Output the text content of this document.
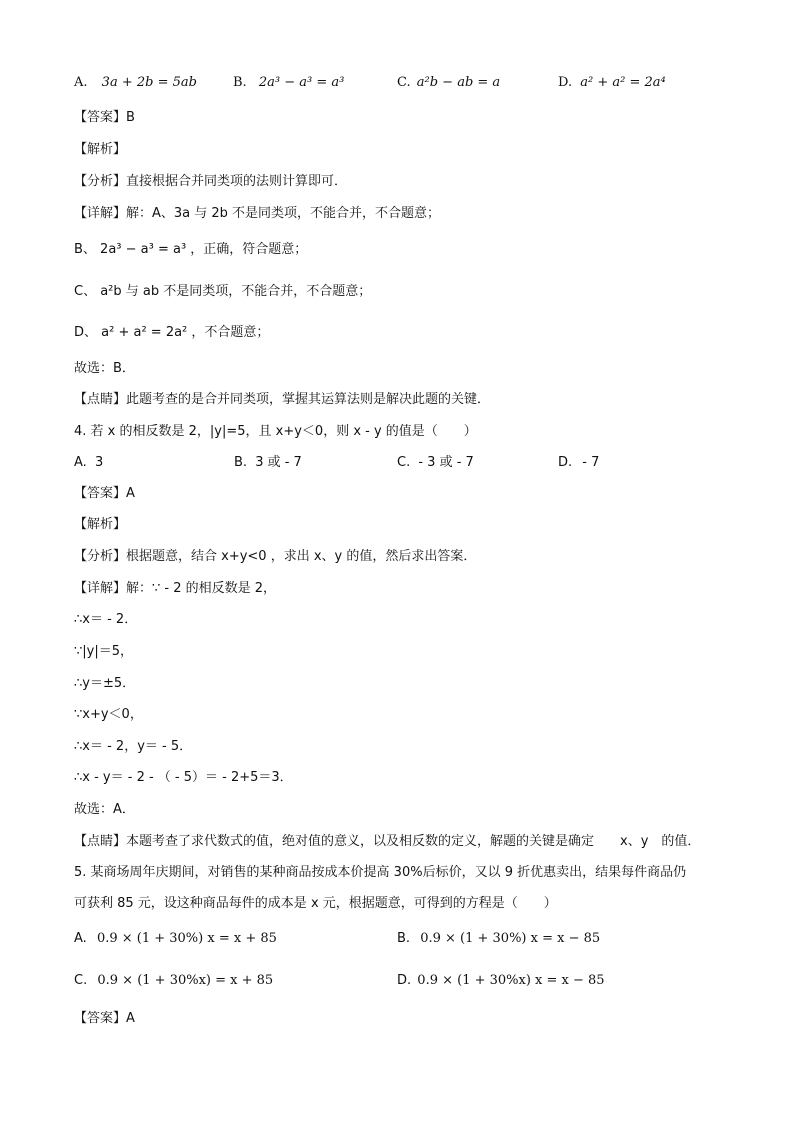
A. 3a + 2b = 5ab	B. 2a³ − a³ = a³	C. a²b − ab = a	D. a² + a² = 2a⁴
【答案】B
【解析】
【分析】直接根据合并同类项的法则计算即可．
【详解】解：A、3a 与 2b 不是同类项，不能合并，不合题意；
B、 2a³ − a³ = a³ ，正确，符合题意；
C、 a²b 与 ab 不是同类项，不能合并，不合题意；
D、 a² + a² = 2a² ，不合题意；
故选：B．
【点睛】此题考查的是合并同类项，掌握其运算法则是解决此题的关键．
4. 若 x 的相反数是 2，|y|=5，且 x+y＜0，则 x - y 的值是（　　）
A. 3	B. 3 或 - 7	C. - 3 或 - 7	D. - 7
【答案】A
【解析】
【分析】根据题意，结合 x+y<0 ，求出 x、y 的值，然后求出答案．
【详解】解：∵ - 2 的相反数是 2，
∴x＝ - 2．
∵|y|＝5，
∴y＝±5．
∵x+y＜0，
∴x＝ - 2，y＝ - 5．
∴x - y＝ - 2 - （ - 5）＝ - 2+5＝3．
故选：A．
【点睛】本题考查了求代数式的值，绝对值的意义，以及相反数的定义，解题的关键是确定　　x、y　的值．
5. 某商场周年庆期间，对销售的某种商品按成本价提高 30%后标价，又以 9 折优惠卖出，结果每件商品仍
可获利 85 元，设这种商品每件的成本是 x 元，根据题意，可得到的方程是（　　）
A. 0.9 × (1 + 30%) x = x + 85	B. 0.9 × (1 + 30%) x = x − 85
C. 0.9 × (1 + 30%x) = x + 85	D. 0.9 × (1 + 30%x) x = x − 85
【答案】A
